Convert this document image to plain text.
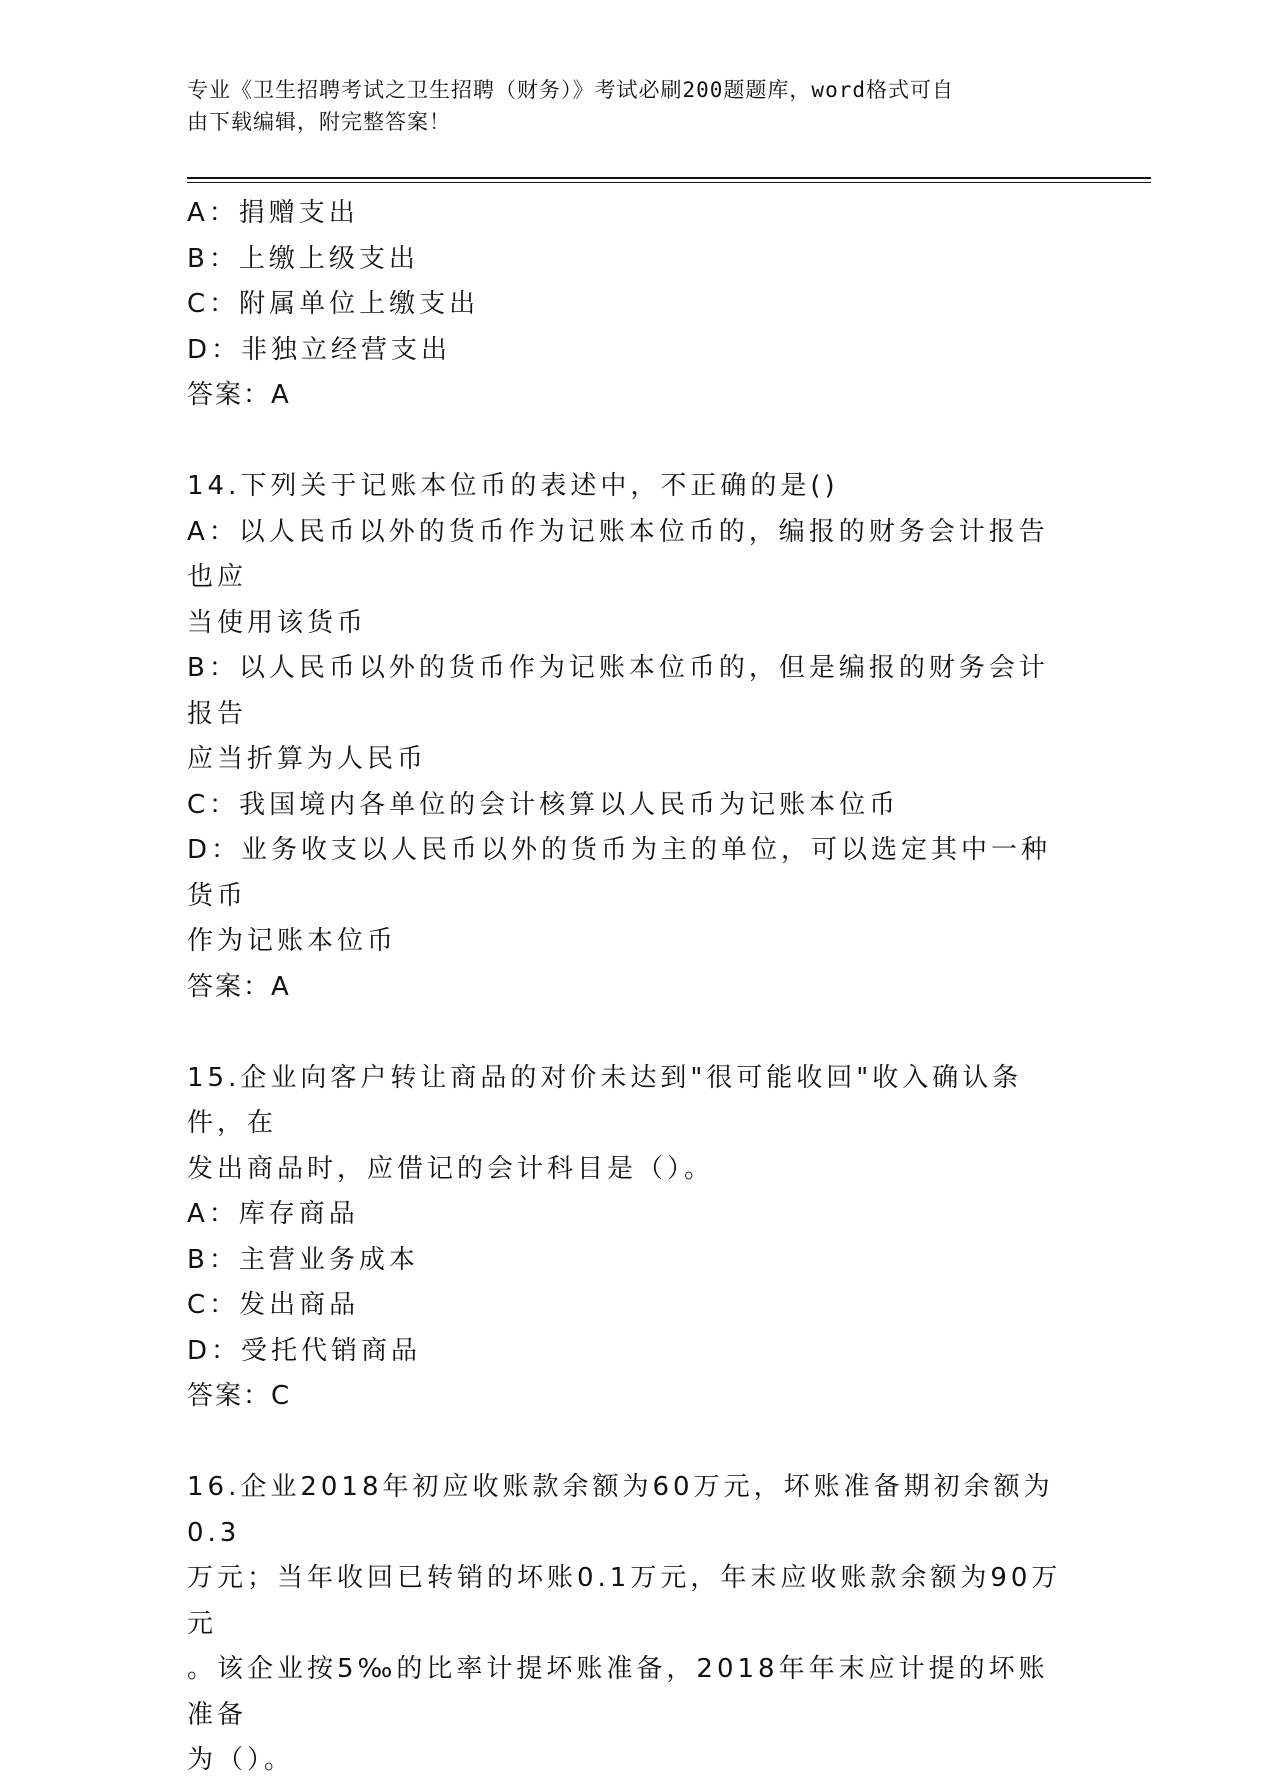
专业《卫生招聘考试之卫生招聘（财务）》考试必刷200题题库，word格式可自
由下载编辑，附完整答案！
A：捐赠支出
B：上缴上级支出
C：附属单位上缴支出
D：非独立经营支出
答案：A
14.下列关于记账本位币的表述中，不正确的是()
A：以人民币以外的货币作为记账本位币的，编报的财务会计报告也应
当使用该货币
B：以人民币以外的货币作为记账本位币的，但是编报的财务会计报告
应当折算为人民币
C：我国境内各单位的会计核算以人民币为记账本位币
D：业务收支以人民币以外的货币为主的单位，可以选定其中一种货币
作为记账本位币
答案：A
15.企业向客户转让商品的对价未达到"很可能收回"收入确认条件，在
发出商品时，应借记的会计科目是（）。
A：库存商品
B：主营业务成本
C：发出商品
D：受托代销商品
答案：C
16.企业2018年初应收账款余额为60万元，坏账准备期初余额为0.3
万元；当年收回已转销的坏账0.1万元，年末应收账款余额为90万元
。该企业按5‰的比率计提坏账准备，2018年年末应计提的坏账准备
为（）。
